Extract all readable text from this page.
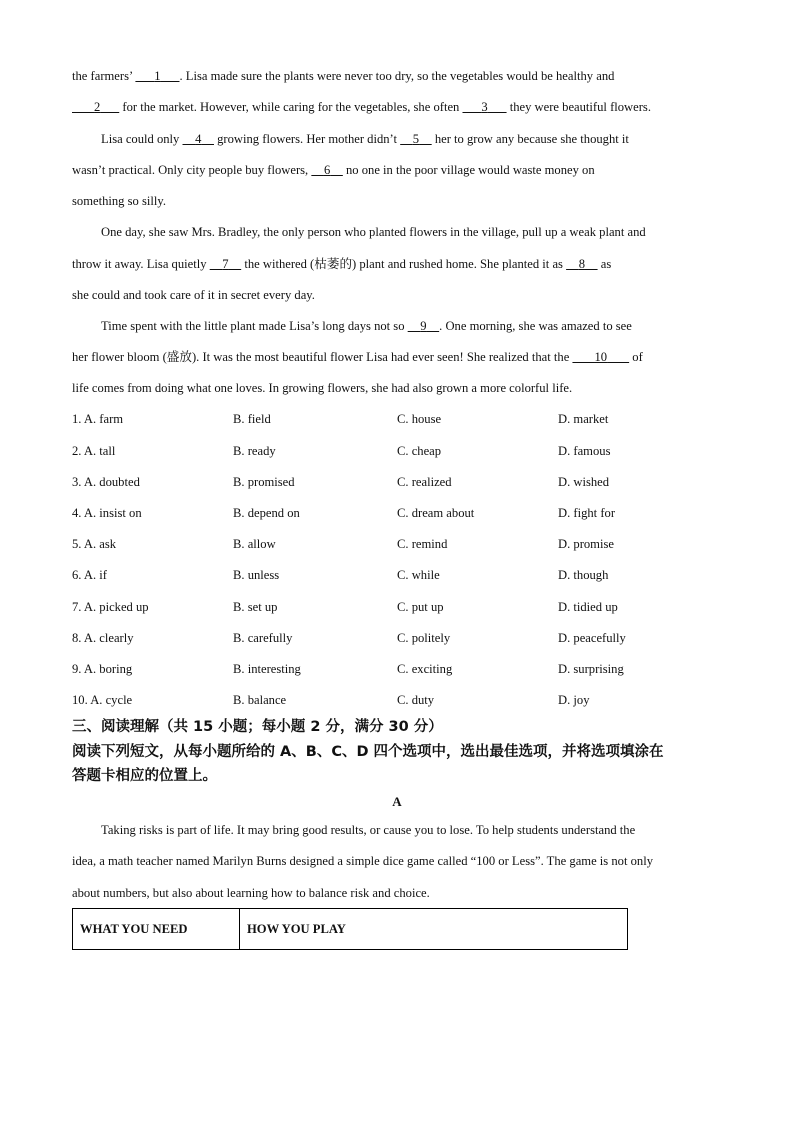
the farmers’       1 . Lisa made sure the plants were never too dry, so the vegetables would be healthy and
2       for the market. However, while caring for the vegetables, she often       3       they were beautiful flowers.
Lisa could only     4     growing flowers. Her mother didn’t     5     her to grow any because she thought it
wasn’t practical. Only city people buy flowers,     6     no one in the poor village would waste money on
something so silly.
One day, she saw Mrs. Bradley, the only person who planted flowers in the village, pull up a weak plant and
throw it away. Lisa quietly     7     the withered (枯萎的) plant and rushed home. She planted it as     8     as
she could and took care of it in secret every day.
Time spent with the little plant made Lisa’s long days not so     9 . One morning, she was amazed to see
her flower bloom (盛放). It was the most beautiful flower Lisa had ever seen! She realized that the        10        of
life comes from doing what one loves. In growing flowers, she had also grown a more colorful life.
1. A. farm	B. field	C. house	D. market
2. A. tall	B. ready	C. cheap	D. famous
3. A. doubted	B. promised	C. realized	D. wished
4. A. insist on	B. depend on	C. dream about	D. fight for
5. A. ask	B. allow	C. remind	D. promise
6. A. if	B. unless	C. while	D. though
7. A. picked up	B. set up	C. put up	D. tidied up
8. A. clearly	B. carefully	C. politely	D. peacefully
9. A. boring	B. interesting	C. exciting	D. surprising
10. A. cycle	B. balance	C. duty	D. joy
三、阅读理解（共 15 小题；每小题 2 分，满分 30 分）
阅读下列短文，从每小题所给的 A、B、C、D 四个选项中，选出最佳选项，并将选项填涂在
答题卡相应的位置上。
A
Taking risks is part of life. It may bring good results, or cause you to lose. To help students understand the
idea, a math teacher named Marilyn Burns designed a simple dice game called “100 or Less”. The game is not only
about numbers, but also about learning how to balance risk and choice.
WHAT YOU NEED	HOW YOU PLAY
